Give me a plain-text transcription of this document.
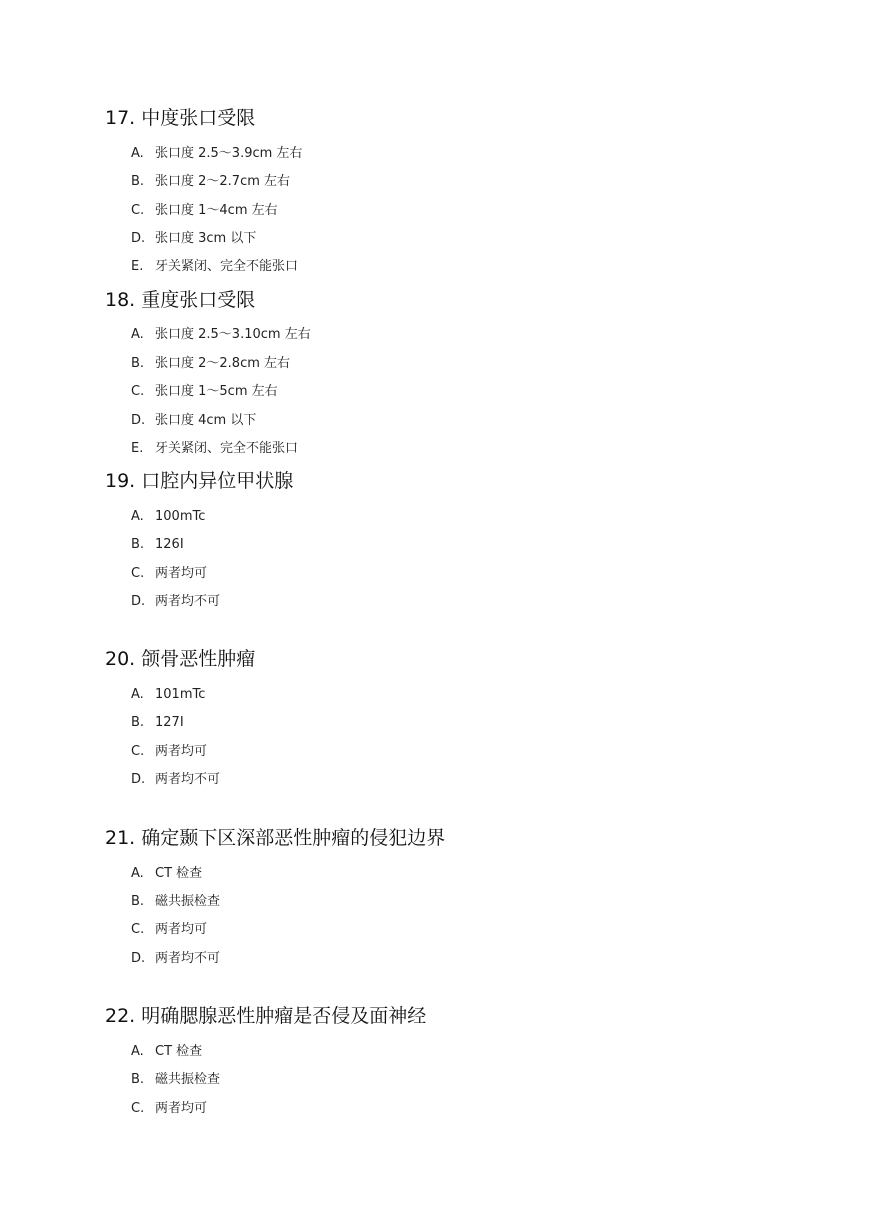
17. 中度张口受限
A. 张口度 2.5～3.9cm 左右
B. 张口度 2～2.7cm 左右
C. 张口度 1～4cm 左右
D. 张口度 3cm 以下
E. 牙关紧闭、完全不能张口
18. 重度张口受限
A. 张口度 2.5～3.10cm 左右
B. 张口度 2～2.8cm 左右
C. 张口度 1～5cm 左右
D. 张口度 4cm 以下
E. 牙关紧闭、完全不能张口
19. 口腔内异位甲状腺
A. 100mTc
B. 126I
C. 两者均可
D. 两者均不可
20. 颌骨恶性肿瘤
A. 101mTc
B. 127I
C. 两者均可
D. 两者均不可
21. 确定颞下区深部恶性肿瘤的侵犯边界
A. CT 检查
B. 磁共振检查
C. 两者均可
D. 两者均不可
22. 明确腮腺恶性肿瘤是否侵及面神经
A. CT 检查
B. 磁共振检查
C. 两者均可
